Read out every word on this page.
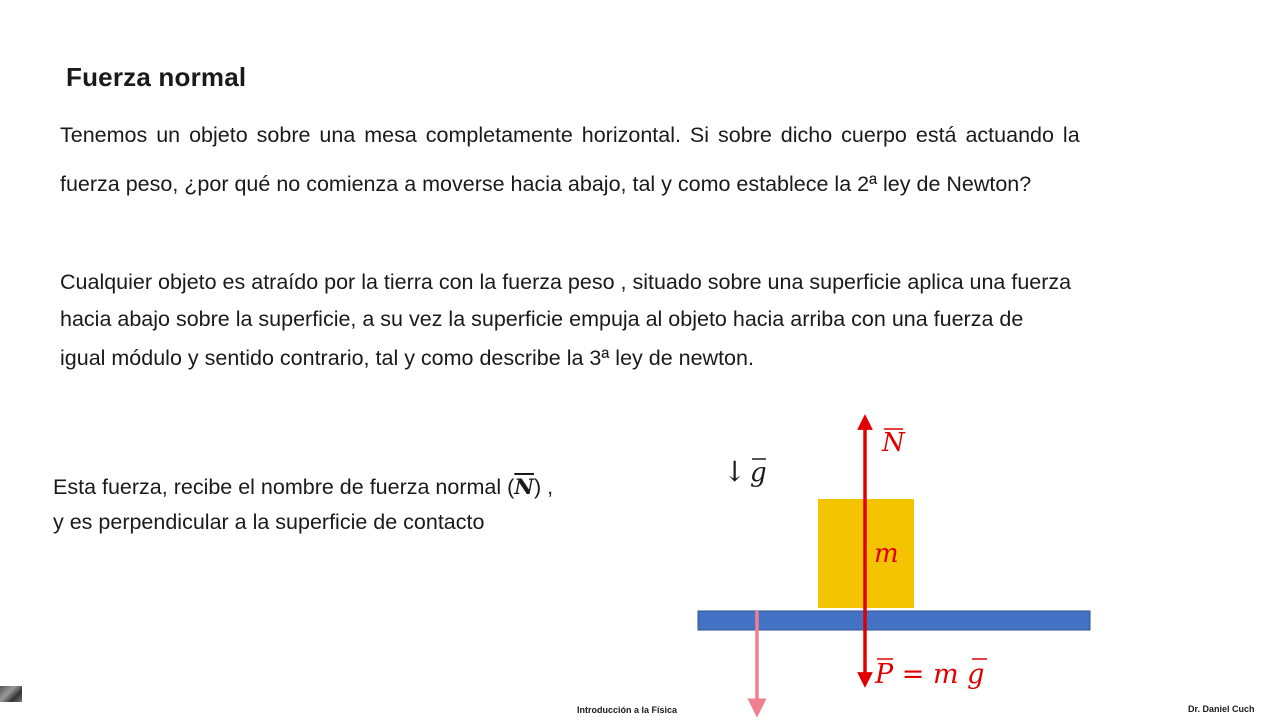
Fuerza normal

Tenemos un objeto sobre una mesa completamente horizontal. Si sobre dicho cuerpo está actuando la

fuerza peso, ¿por qué no comienza a moverse hacia abajo, tal y como establece la 2ª ley de Newton?

Cualquier objeto es atraído por la tierra con la fuerza peso , situado sobre una superficie aplica una fuerza

hacia abajo sobre la superficie, a su vez la superficie empuja al objeto hacia arriba con una fuerza de

igual módulo y sentido contrario, tal y como describe la 3ª ley de newton.

Esta fuerza, recibe el nombre de fuerza normal $(\overline{N})$ ,

y es perpendicular a la superficie de contacto

↓ g
N
m
P = m g
Introducción a la Física	Dr. Daniel Cuch
